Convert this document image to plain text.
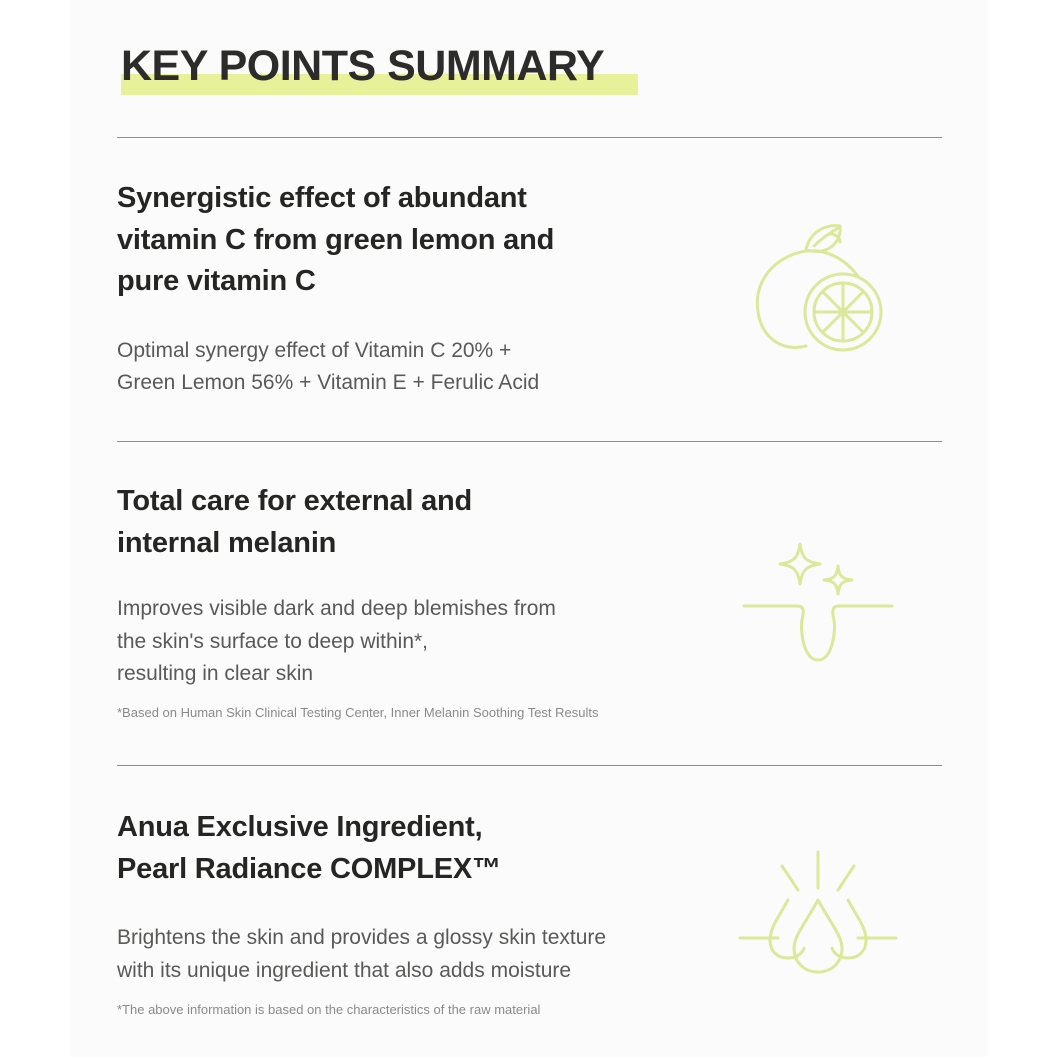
KEY POINTS SUMMARY
Synergistic effect of abundant
vitamin C from green lemon and
pure vitamin C
Optimal synergy effect of Vitamin C 20% +
Green Lemon 56% + Vitamin E + Ferulic Acid
Total care for external and
internal melanin
Improves visible dark and deep blemishes from
the skin's surface to deep within*,
resulting in clear skin
*Based on Human Skin Clinical Testing Center, Inner Melanin Soothing Test Results
Anua Exclusive Ingredient,
Pearl Radiance COMPLEX™
Brightens the skin and provides a glossy skin texture
with its unique ingredient that also adds moisture
*The above information is based on the characteristics of the raw material
